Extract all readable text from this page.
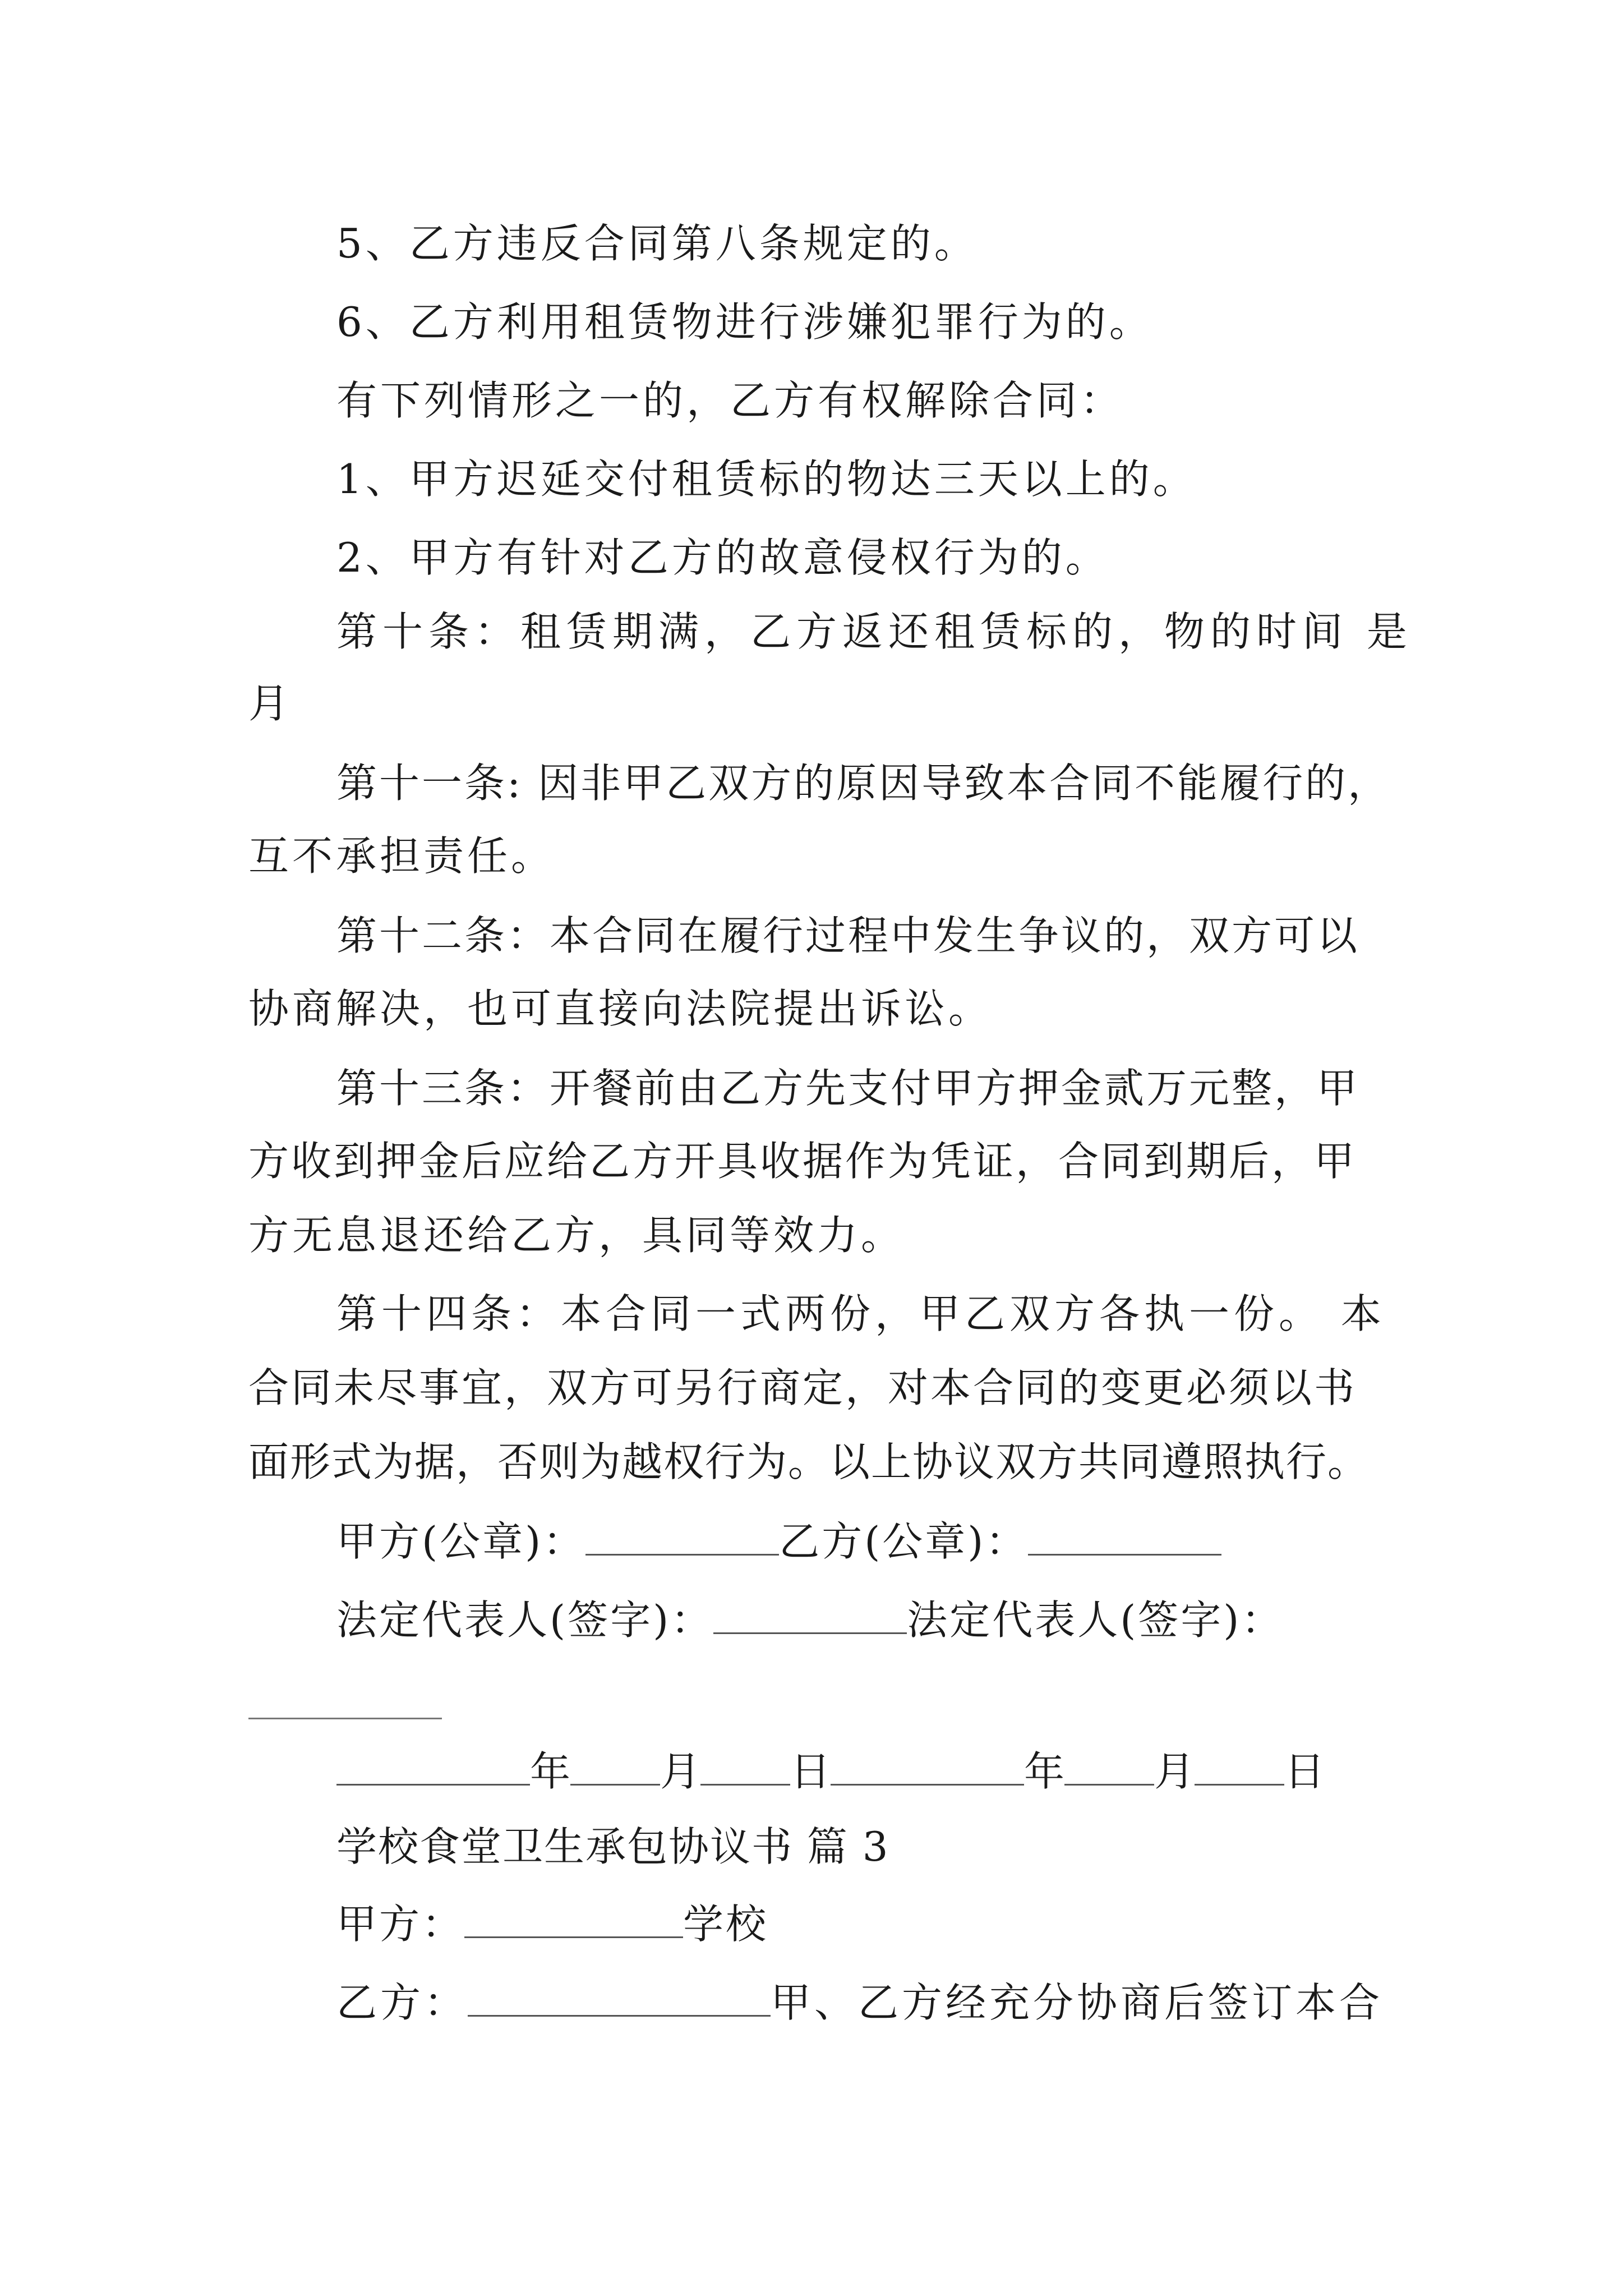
5、乙方违反合同第八条规定的。
6、乙方利用租赁物进行涉嫌犯罪行为的。
有下列情形之一的，乙方有权解除合同：
1、甲方迟延交付租赁标的物达三天以上的。
2、甲方有针对乙方的故意侵权行为的。
第十条：租赁期满，乙方返还租赁标的，物的时间 是
月
第十一条: 因非甲乙双方的原因导致本合同不能履行的，
互不承担责任。
第十二条：本合同在履行过程中发生争议的，双方可以
协商解决，也可直接向法院提出诉讼。
第十三条：开餐前由乙方先支付甲方押金贰万元整，甲
方收到押金后应给乙方开具收据作为凭证，合同到期后，甲
方无息退还给乙方，具同等效力。
第十四条：本合同一式两份，甲乙双方各执一份。 本
合同未尽事宜，双方可另行商定，对本合同的变更必须以书
面形式为据，否则为越权行为。以上协议双方共同遵照执行。
甲方(公章)：	乙方(公章)：
法定代表人(签字)：	法定代表人(签字)：
年 月 日	年 月 日
学校食堂卫生承包协议书 篇 3
甲方：	学校
乙方：	甲、乙方经充分协商后签订本合
